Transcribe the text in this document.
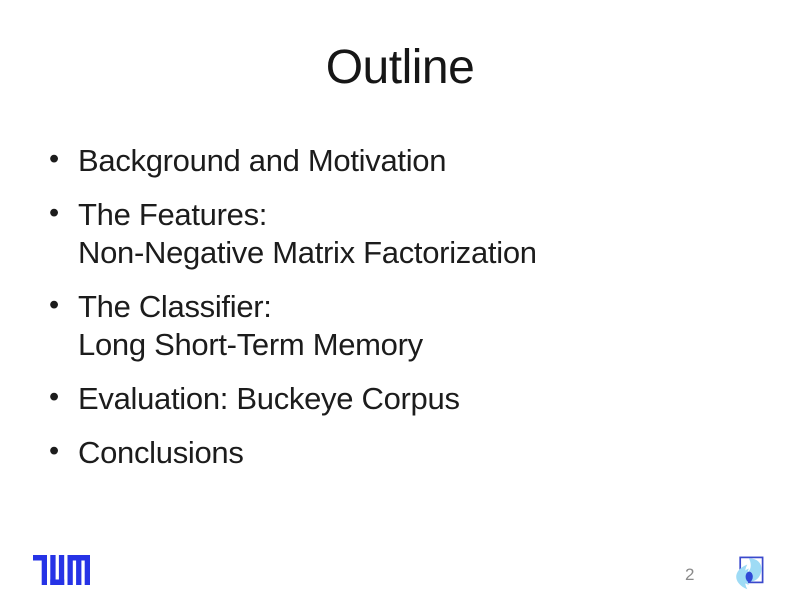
Outline
• Background and Motivation
• The Features:
Non-Negative Matrix Factorization
• The Classifier:
Long Short-Term Memory
• Evaluation: Buckeye Corpus
• Conclusions
2
